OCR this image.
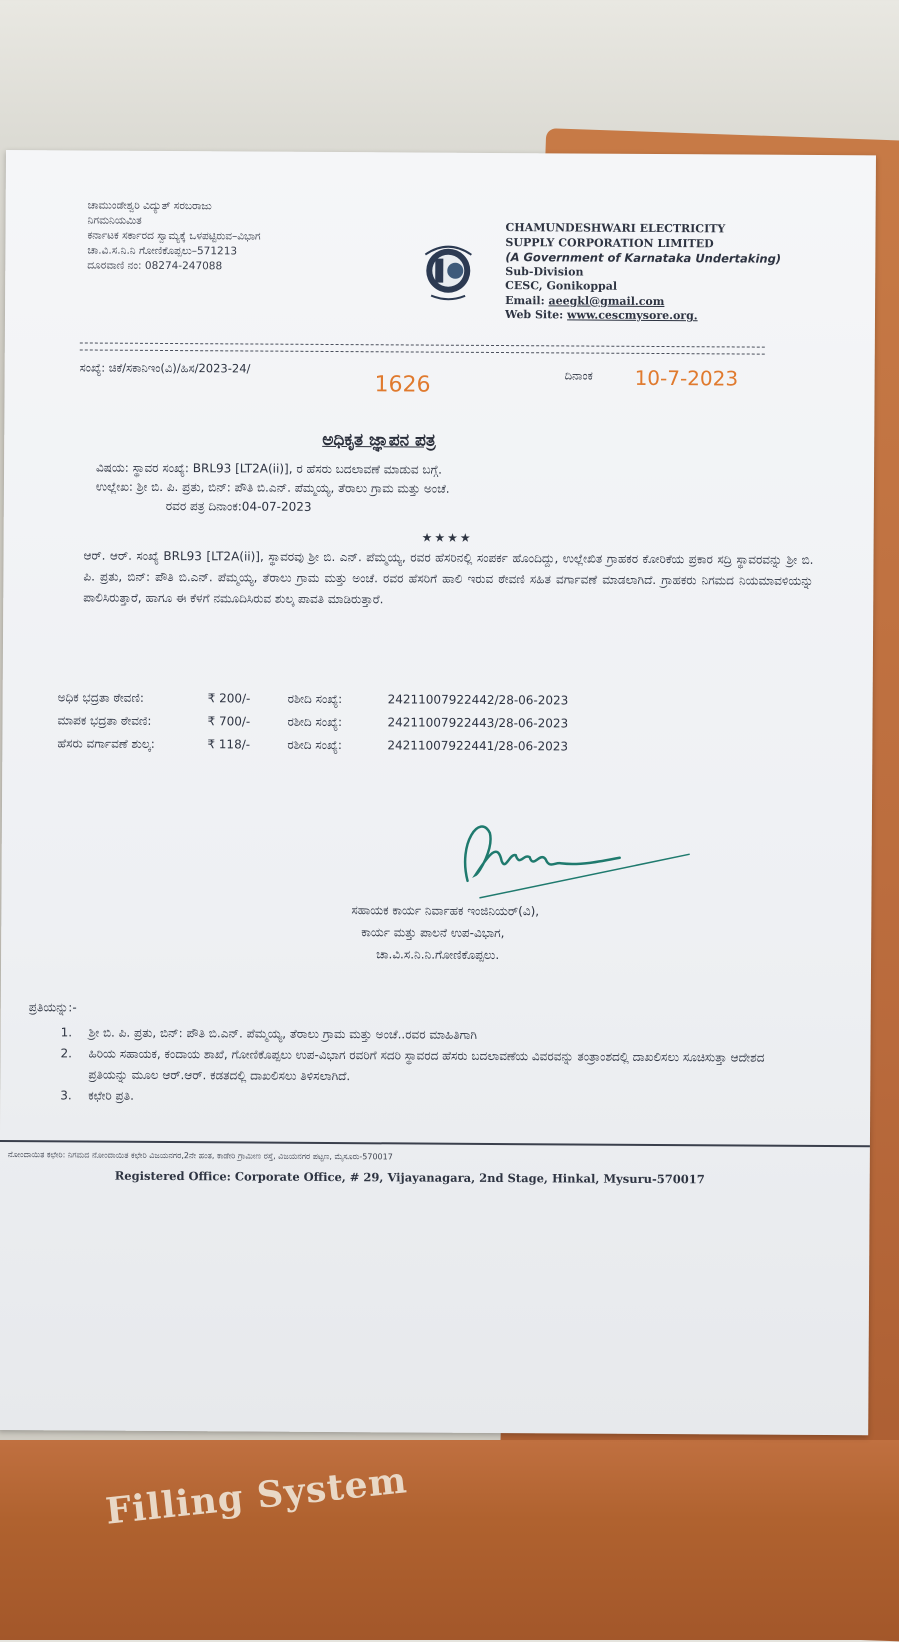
Filling System
ಚಾಮುಂಡೇಶ್ವರಿ ವಿದ್ಯುತ್ ಸರಬರಾಜು
ನಿಗಮನಿಯಮಿತ
ಕರ್ನಾಟಕ ಸರ್ಕಾರದ ಸ್ವಾಮ್ಯಕ್ಕೆ ಒಳಪಟ್ಟಿರುವ–ವಿಭಾಗ
ಚಾ.ವಿ.ಸ.ನಿ.ನಿ ಗೋಣಿಕೊಪ್ಪಲು–571213
ದೂರವಾಣಿ ನಂ: 08274-247088
CHAMUNDESHWARI ELECTRICITY
SUPPLY CORPORATION LIMITED
(A Government of Karnataka Undertaking)
Sub-Division
CESC, Gonikoppal
Email: aeegkl@gmail.com
Web Site: www.cescmysore.org.
ಸಂಖ್ಯೆ: ಚಿಕೆ/ಸಕಾನಿಇಂ(ವಿ)/ಹಿಸ/2023-24/
1626	ದಿನಾಂಕ 10-7-2023
ಅಧಿಕೃತ ಜ್ಞಾಪನ ಪತ್ರ
ವಿಷಯ: ಸ್ಥಾವರ ಸಂಖ್ಯೆ: BRL93 [LT2A(ii)], ರ ಹೆಸರು ಬದಲಾವಣೆ ಮಾಡುವ ಬಗ್ಗೆ.
ಉಲ್ಲೇಖ: ಶ್ರೀ ಬಿ. ಪಿ. ಪ್ರತು, ಬಿನ್: ಪೌತಿ ಬಿ.ಎನ್. ಪೆಮ್ಮಯ್ಯ, ತೆರಾಲು ಗ್ರಾಮ ಮತ್ತು ಅಂಚೆ.
ರವರ ಪತ್ರ ದಿನಾಂಕ:04-07-2023
★★★★
ಆರ್. ಆರ್. ಸಂಖ್ಯೆ BRL93 [LT2A(ii)], ಸ್ಥಾವರವು ಶ್ರೀ ಬಿ. ಎನ್. ಪೆಮ್ಮಯ್ಯ, ರವರ ಹೆಸರಿನಲ್ಲಿ ಸಂಪರ್ಕ ಹೊಂದಿದ್ದು, ಉಲ್ಲೇಖಿತ ಗ್ರಾಹಕರ ಕೋರಿಕೆಯ ಪ್ರಕಾರ ಸದ್ರಿ ಸ್ಥಾವರವನ್ನು ಶ್ರೀ ಬಿ. ಪಿ. ಪ್ರತು, ಬಿನ್: ಪೌತಿ ಬಿ.ಎನ್. ಪೆಮ್ಮಯ್ಯ, ತೆರಾಲು ಗ್ರಾಮ ಮತ್ತು ಅಂಚೆ. ರವರ ಹೆಸರಿಗೆ ಹಾಲಿ ಇರುವ ಠೇವಣಿ ಸಹಿತ ವರ್ಗಾವಣೆ ಮಾಡಲಾಗಿದೆ. ಗ್ರಾಹಕರು ನಿಗಮದ ನಿಯಮಾವಳಿಯನ್ನು ಪಾಲಿಸಿರುತ್ತಾರೆ, ಹಾಗೂ ಈ ಕೆಳಗೆ ನಮೂದಿಸಿರುವ ಶುಲ್ಕ ಪಾವತಿ ಮಾಡಿರುತ್ತಾರೆ.
ಅಧಿಕ ಭದ್ರತಾ ಠೇವಣಿ:	₹ 200/-	ರಶೀದಿ ಸಂಖ್ಯೆ:	24211007922442/28-06-2023
ಮಾಪಕ ಭದ್ರತಾ ಠೇವಣಿ:	₹ 700/-	ರಶೀದಿ ಸಂಖ್ಯೆ:	24211007922443/28-06-2023
ಹೆಸರು ವರ್ಗಾವಣೆ ಶುಲ್ಕ:	₹ 118/-	ರಶೀದಿ ಸಂಖ್ಯೆ:	24211007922441/28-06-2023
ಸಹಾಯಕ ಕಾರ್ಯ ನಿರ್ವಾಹಕ ಇಂಜಿನಿಯರ್(ವಿ),
ಕಾರ್ಯ ಮತ್ತು ಪಾಲನೆ ಉಪ-ವಿಭಾಗ,
ಚಾ.ವಿ.ಸ.ನಿ.ನಿ.ಗೋಣಿಕೊಪ್ಪಲು.
ಪ್ರತಿಯನ್ನು:-
1.	ಶ್ರೀ ಬಿ. ಪಿ. ಪ್ರತು, ಬಿನ್: ಪೌತಿ ಬಿ.ಎನ್. ಪೆಮ್ಮಯ್ಯ, ತೆರಾಲು ಗ್ರಾಮ ಮತ್ತು ಅಂಚೆ..ರವರ ಮಾಹಿತಿಗಾಗಿ
2.	ಹಿರಿಯ ಸಹಾಯಕ, ಕಂದಾಯ ಶಾಖೆ, ಗೋಣಿಕೊಪ್ಪಲು ಉಪ-ವಿಭಾಗ ರವರಿಗೆ ಸದರಿ ಸ್ಥಾವರದ ಹೆಸರು ಬದಲಾವಣೆಯ ವಿವರವನ್ನು ತಂತ್ರಾಂಶದಲ್ಲಿ ದಾಖಲಿಸಲು ಸೂಚಿಸುತ್ತಾ ಆದೇಶದ ಪ್ರತಿಯನ್ನು ಮೂಲ ಆರ್.ಆರ್. ಕಡತದಲ್ಲಿ ದಾಖಲಿಸಲು ತಿಳಿಸಲಾಗಿದೆ.
3.	ಕಛೇರಿ ಪ್ರತಿ.
ನೋಂದಾಯಿತ ಕಛೇರಿ: ನಿಗಮದ ನೋಂದಾಯಿತ ಕಛೇರಿ ವಿಜಯನಗರ,2ನೇ ಹಂತ, ಕಾಡೇರಿ ಗ್ರಾಮೀಣ ರಸ್ತೆ, ವಿಜಯನಗರ ಪಟ್ಟಣ, ಮೈಸೂರು-570017
Registered Office: Corporate Office, # 29, Vijayanagara, 2nd Stage, Hinkal, Mysuru-570017
